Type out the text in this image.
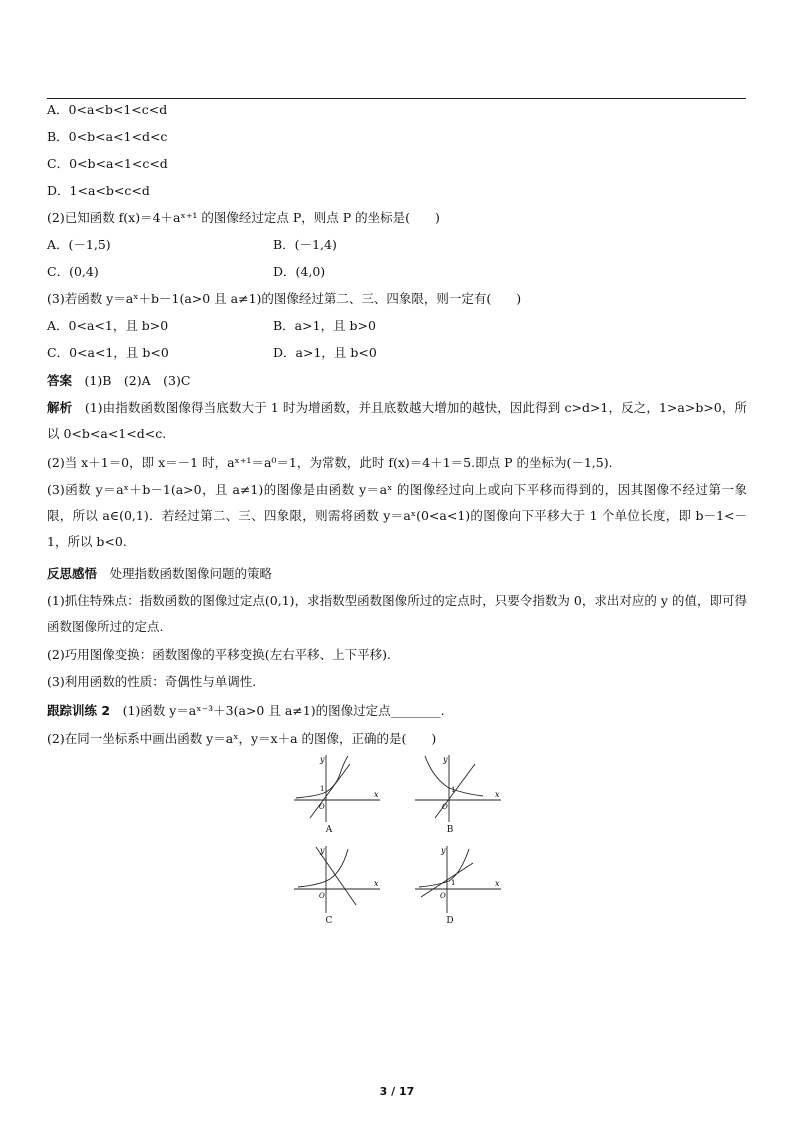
A．0<a<b<1<c<d
B．0<b<a<1<d<c
C．0<b<a<1<c<d
D．1<a<b<c<d
(2)已知函数 f(x)＝4＋aˣ⁺¹ 的图像经过定点 P，则点 P 的坐标是(　　)
A．(－1,5)	B．(－1,4)
C．(0,4)	D．(4,0)
(3)若函数 y＝aˣ＋b－1(a>0 且 a≠1)的图像经过第二、三、四象限，则一定有(　　)
A．0<a<1，且 b>0	B．a>1，且 b>0
C．0<a<1，且 b<0	D．a>1，且 b<0
答案　(1)B　(2)A　(3)C
解析　(1)由指数函数图像得当底数大于 1 时为增函数，并且底数越大增加的越快，因此得到 c>d>1，反之，1>a>b>0，所以 0<b<a<1<d<c.
(2)当 x＋1＝0，即 x＝－1 时，aˣ⁺¹＝a⁰＝1，为常数，此时 f(x)＝4＋1＝5.即点 P 的坐标为(－1,5).
(3)函数 y＝aˣ＋b－1(a>0，且 a≠1)的图像是由函数 y＝aˣ 的图像经过向上或向下平移而得到的，因其图像不经过第一象限，所以 a∈(0,1)．若经过第二、三、四象限，则需将函数 y＝aˣ(0<a<1)的图像向下平移大于 1 个单位长度，即 b－1<－1，所以 b<0.
反思感悟　处理指数函数图像问题的策略
(1)抓住特殊点：指数函数的图像过定点(0,1)，求指数型函数图像所过的定点时，只要令指数为 0，求出对应的 y 的值，即可得函数图像所过的定点.
(2)巧用图像变换：函数图像的平移变换(左右平移、上下平移).
(3)利用函数的性质：奇偶性与单调性.
跟踪训练 2　(1)函数 y＝aˣ⁻³＋3(a>0 且 a≠1)的图像过定点________.
(2)在同一坐标系中画出函数 y＝aˣ，y＝x＋a 的图像，正确的是(　　)
y
x
O
1
A
y
x
O
1
B
y
x
O
C
y
x
O
1
D
3 / 17
